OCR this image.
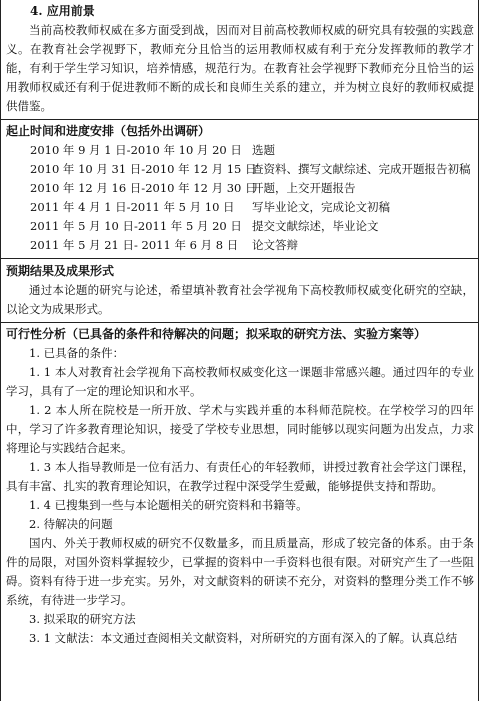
4. 应用前景

当前高校教师权威在多方面受到战，因而对目前高校教师权威的研究具有较强的实践意义。在教育社会学视野下，教师充分且恰当的运用教师权威有利于充分发挥教师的教学才能，有利于学生学习知识，培养情感，规范行为。在教育社会学视野下教师充分且恰当的运用教师权威还有利于促进教师不断的成长和良师生关系的建立，并为树立良好的教师权威提供借鉴。

起止时间和进度安排（包括外出调研）
2010 年 9 月 1 日-2010 年 10 月 20 日 选题
2010 年 10 月 31 日-2010 年 12 月 15 日
查资料、撰写文献综述、完成开题报告初稿
2010 年 12 月 16 日-2010 年 12 月 30 日
开题，上交开题报告
2011 年 4 月 1 日-2011 年 5 月 10 日	写毕业论文，完成论文初稿
2011 年 5 月 10 日-2011 年 5 月 20 日 提交文献综述，毕业论文
2011 年 5 月 21 日- 2011 年 6 月 8 日	论文答辩
预期结果及成果形式

通过本论题的研究与论述，希望填补教育社会学视角下高校教师权威变化研究的空缺，以论文为成果形式。

可行性分析（已具备的条件和待解决的问题；拟采取的研究方法、实验方案等）

1. 已具备的条件：

1. 1 本人对教育社会学视角下高校教师权威变化这一课题非常感兴趣。通过四年的专业学习，具有了一定的理论知识和水平。

1. 2 本人所在院校是一所开放、学术与实践并重的本科师范院校。在学校学习的四年中，学习了许多教育理论知识，接受了学校专业思想，同时能够以现实问题为出发点，力求将理论与实践结合起来。

1. 3 本人指导教师是一位有活力、有责任心的年轻教师，讲授过教育社会学这门课程，具有丰富、扎实的教育理论知识，在教学过程中深受学生爱戴，能够提供支持和帮助。

1. 4 已搜集到一些与本论题相关的研究资料和书籍等。

2. 待解决的问题

国内、外关于教师权威的研究不仅数量多，而且质量高，形成了较完备的体系。由于条件的局限，对国外资料掌握较少，已掌握的资料中一手资料也很有限。对研究产生了一些阻碍。资料有待于进一步充实。另外，对文献资料的研读不充分，对资料的整理分类工作不够系统，有待进一步学习。

3. 拟采取的研究方法

3. 1 文献法：本文通过查阅相关文献资料，对所研究的方面有深入的了解。认真总结
